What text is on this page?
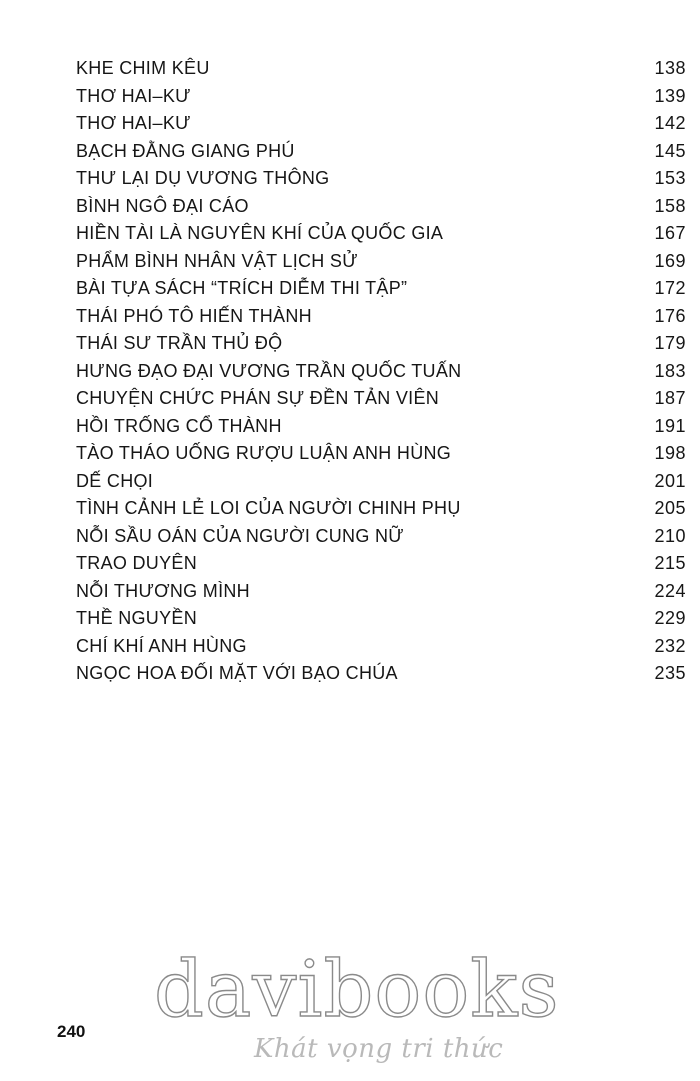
KHE CHIM KÊU	138
THƠ HAI–KƯ	139
THƠ HAI–KƯ	142
BẠCH ĐẰNG GIANG PHÚ	145
THƯ LẠI DỤ VƯƠNG THÔNG	153
BÌNH NGÔ ĐẠI CÁO	158
HIỀN TÀI LÀ NGUYÊN KHÍ CỦA QUỐC GIA	167
PHẨM BÌNH NHÂN VẬT LỊCH SỬ	169
BÀI TỰA SÁCH “TRÍCH DIỄM THI TẬP”	172
THÁI PHÓ TÔ HIẾN THÀNH	176
THÁI SƯ TRẦN THỦ ĐỘ	179
HƯNG ĐẠO ĐẠI VƯƠNG TRẦN QUỐC TUẤN	183
CHUYỆN CHỨC PHÁN SỰ ĐỀN TẢN VIÊN	187
HỒI TRỐNG CỔ THÀNH	191
TÀO THÁO UỐNG RƯỢU LUẬN ANH HÙNG	198
DẾ CHỌI	201
TÌNH CẢNH LẺ LOI CỦA NGƯỜI CHINH PHỤ	205
NỖI SẦU OÁN CỦA NGƯỜI CUNG NỮ	210
TRAO DUYÊN	215
NỖI THƯƠNG MÌNH	224
THỀ NGUYỀN	229
CHÍ KHÍ ANH HÙNG	232
NGỌC HOA ĐỐI MẶT VỚI BẠO CHÚA	235
davibooks
Khát vọng tri thức
240
